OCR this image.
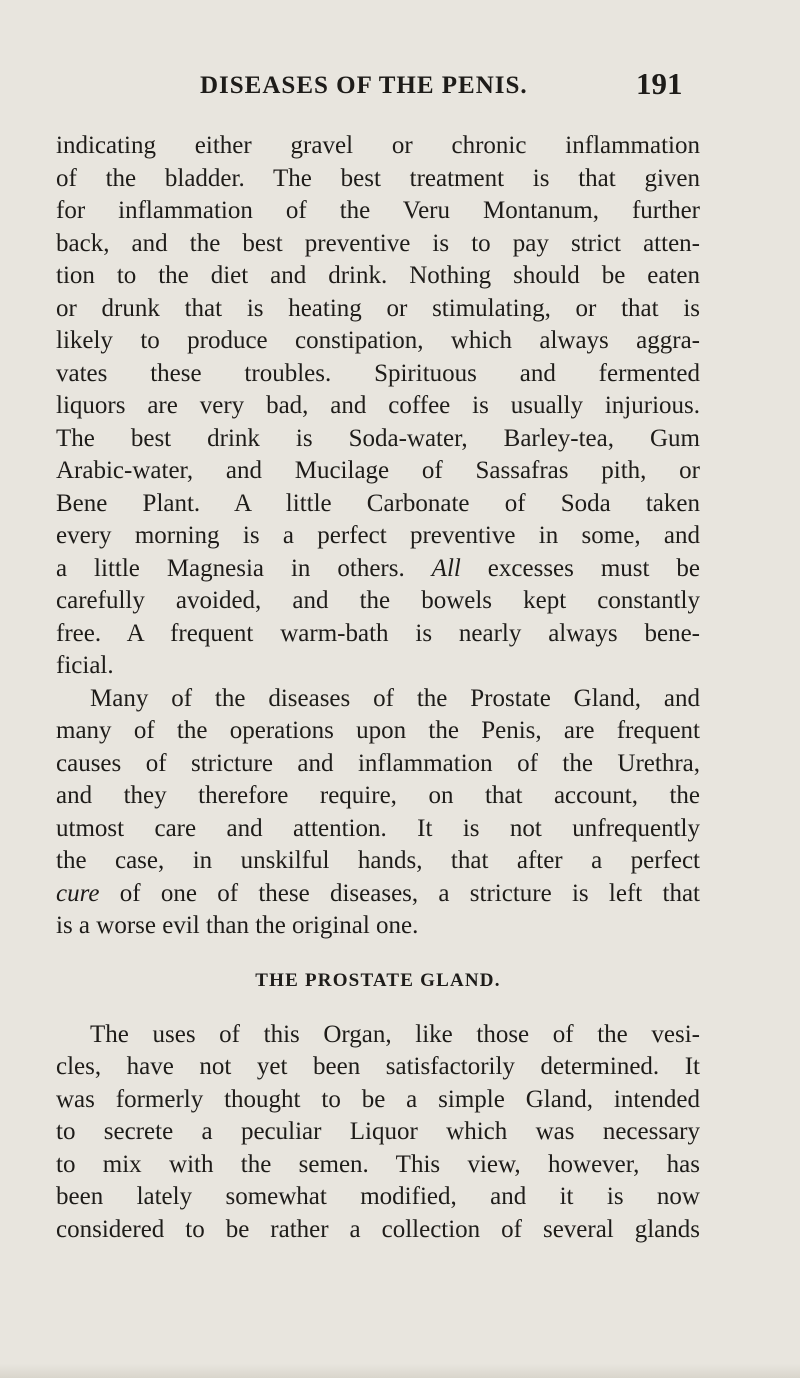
DISEASES OF THE PENIS.	191
indicating either gravel or chronic inflammation
of the bladder. The best treatment is that given
for inflammation of the Veru Montanum, further
back, and the best preventive is to pay strict atten-
tion to the diet and drink. Nothing should be eaten
or drunk that is heating or stimulating, or that is
likely to produce constipation, which always aggra-
vates these troubles. Spirituous and fermented
liquors are very bad, and coffee is usually injurious.
The best drink is Soda-water, Barley-tea, Gum
Arabic-water, and Mucilage of Sassafras pith, or
Bene Plant. A little Carbonate of Soda taken
every morning is a perfect preventive in some, and
a little Magnesia in others. All excesses must be
carefully avoided, and the bowels kept constantly
free. A frequent warm-bath is nearly always bene-
ficial.
Many of the diseases of the Prostate Gland, and
many of the operations upon the Penis, are frequent
causes of stricture and inflammation of the Urethra,
and they therefore require, on that account, the
utmost care and attention. It is not unfrequently
the case, in unskilful hands, that after a perfect
cure of one of these diseases, a stricture is left that
is a worse evil than the original one.
THE PROSTATE GLAND.
The uses of this Organ, like those of the vesi-
cles, have not yet been satisfactorily determined. It
was formerly thought to be a simple Gland, intended
to secrete a peculiar Liquor which was necessary
to mix with the semen. This view, however, has
been lately somewhat modified, and it is now
considered to be rather a collection of several glands
